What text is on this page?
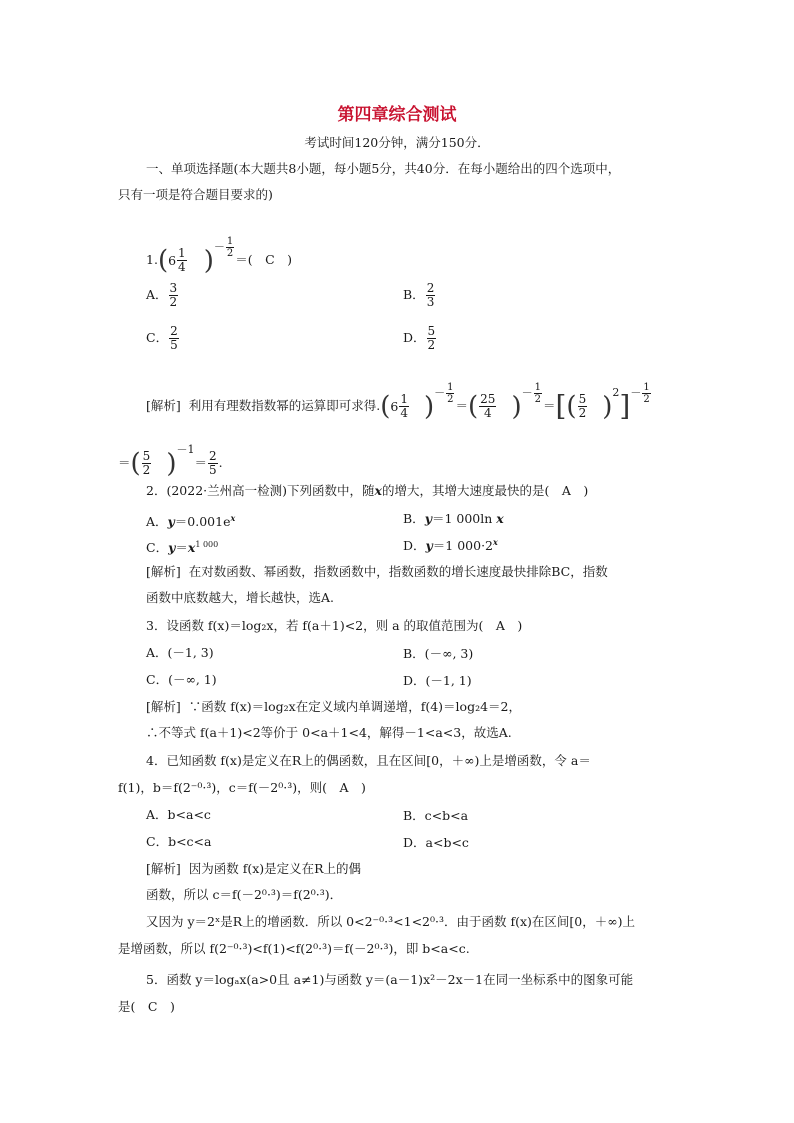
第四章综合测试
考试时间120分钟，满分150分．
一、单项选择题(本大题共8小题，每小题5分，共40分．在每小题给出的四个选项中，
只有一项是符合题目要求的)
1.( $6 \frac{1}{4}$ )－ $\frac{1}{2}$
＝(　C　)
A． $\frac{3}{2}$	B． $\frac{2}{3}$
C． $\frac{2}{5}$	D． $\frac{5}{2}$
[解析] 利用有理数指数幂的运算即可求得.( $6 \frac{1}{4}$ )－ $\frac{1}{2}$
＝( $\frac{25}{4}$ )－ $\frac{1}{2}$
＝[( $\frac{5}{2} )2]- \frac{1}{2}$
＝( $\frac{5}{2} )-1= \frac{2}{5}$ .
2．(2022·兰州高一检测)下列函数中，随x的增大，其增大速度最快的是(　A　)
A．$y=0.001e^x$	B．y＝1 000ln x
C．$y=x^{1 000}$	D．y＝1 $000\cdot 2^x$
[解析] 在对数函数、幂函数，指数函数中，指数函数的增长速度最快排除BC，指数
函数中底数越大，增长越快，选A.
3．设函数 f(x)＝log₂x，若 f(a＋1)<2，则 a 的取值范围为(　A　)
A．(－1, 3)	B．(－∞, 3)
C．(－∞, 1)	D．(－1, 1)
[解析] ∵函数 f(x)＝log₂x在定义域内单调递增，f(4)＝log₂4＝2，
∴不等式 f(a＋1)<2等价于 0<a＋1<4，解得－1<a<3，故选A.
4．已知函数 f(x)是定义在R上的偶函数，且在区间[0，＋∞)上是增函数，令 a＝
f(1)，b＝f(2⁻⁰·³)，c＝f(－2⁰·³)，则(　A　)
A．b<a<c	B．c<b<a
C．b<c<a	D．a<b<c
[解析] 因为函数 f(x)是定义在R上的偶
函数，所以 c＝f(－2⁰·³)＝f(2⁰·³)．
又因为 y＝2ˣ是R上的增函数．所以 0<2⁻⁰·³<1<2⁰·³．由于函数 f(x)在区间[0，＋∞)上
是增函数，所以 f(2⁻⁰·³)<f(1)<f(2⁰·³)＝f(－2⁰·³)，即 b<a<c.
5．函数 y＝logₐx(a>0且 a≠1)与函数 y＝(a－1)x²－2x－1在同一坐标系中的图象可能
是(　C　)
